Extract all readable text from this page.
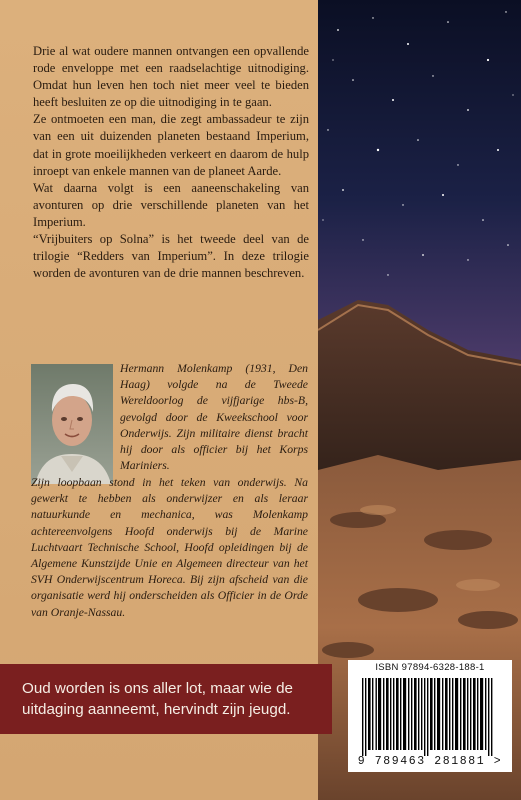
Drie al wat oudere mannen ontvangen een opvallende rode enveloppe met een raadselachtige uitnodiging. Omdat hun leven hen toch niet meer veel te bieden heeft besluiten ze op die uitnodiging in te gaan.

Ze ontmoeten een man, die zegt ambassadeur te zijn van een uit duizenden planeten bestaand Imperium, dat in grote moeilijkheden verkeert en daarom de hulp inroept van enkele mannen van de planeet Aarde.

Wat daarna volgt is een aaneenschakeling van avonturen op drie verschillende planeten van het Imperium.

“Vrijbuiters op Solna” is het tweede deel van de trilogie “Redders van Imperium”. In deze trilogie worden de avonturen van de drie mannen beschreven.

Hermann Molenkamp (1931, Den Haag) volgde na de Tweede Wereldoorlog de vijfjarige hbs-B, gevolgd door de Kweekschool voor Onderwijs. Zijn militaire dienst bracht hij door als officier bij het Korps Mariniers.

Zijn loopbaan stond in het teken van onderwijs. Na gewerkt te hebben als onderwijzer en als leraar natuurkunde en mechanica, was Molenkamp achtereenvolgens Hoofd onderwijs bij de Marine Luchtvaart Technische School, Hoofd opleidingen bij de Algemene Kunstzijde Unie en Algemeen directeur van het SVH Onderwijscentrum Horeca. Bij zijn afscheid van die organisatie werd hij onderscheiden als Officier in de Orde van Oranje-Nassau.

Oud worden is ons aller lot, maar wie de uitdaging aanneemt, hervindt zijn jeugd.

ISBN 97894-6328-188-1
9 789463 281881 >
